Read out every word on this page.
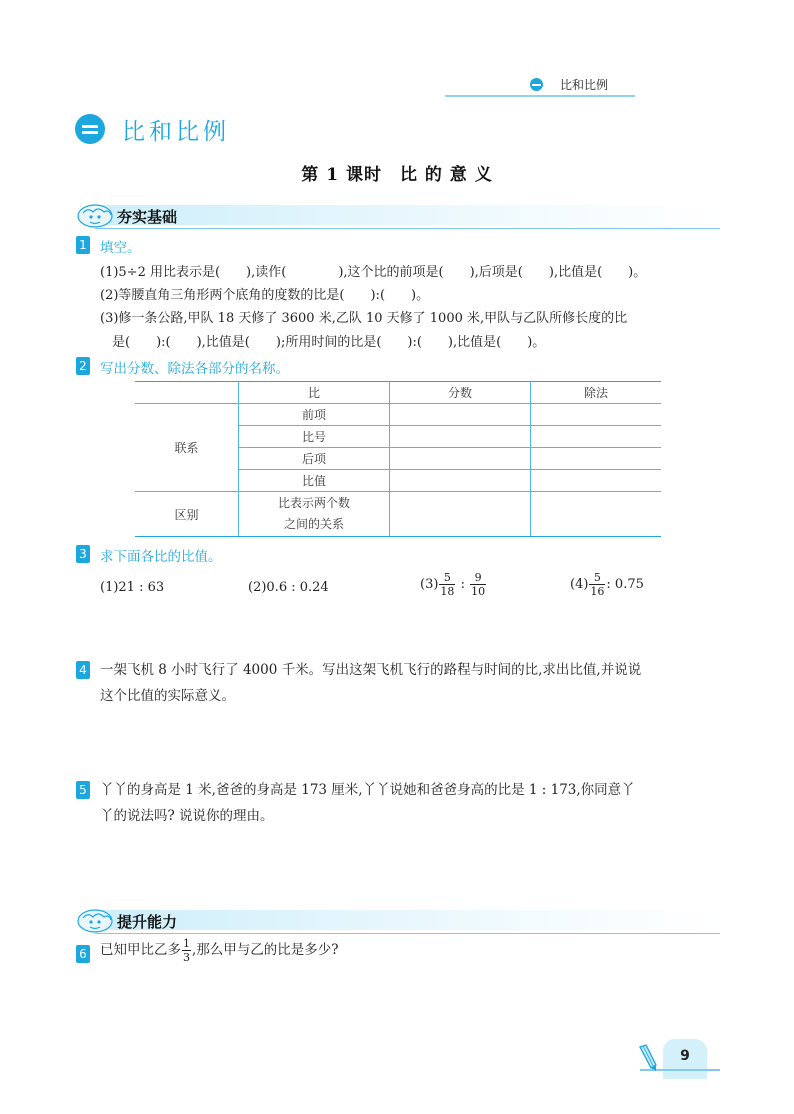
比和比例
比和比例
第 1 课时　比 的 意 义
夯实基础
1 填空。
(1)5÷2 用比表示是(　　),读作(　　　　),这个比的前项是(　　),后项是(　　),比值是(　　)。
(2)等腰直角三角形两个底角的度数的比是(　　):(　　)。
(3)修一条公路,甲队 18 天修了 3600 米,乙队 10 天修了 1000 米,甲队与乙队所修长度的比
是(　　):(　　),比值是(　　);所用时间的比是(　　):(　　),比值是(　　)。
2 写出分数、除法各部分的名称。
	比	分数	除法
联系	前项		
	比号		
	后项		
	比值		
区别	比表示两个数
之间的关系		
3 求下面各比的比值。
(1)21 : 63	(2)0.6 : 0.24	$(3) \frac{5}{18}$ : $\frac{9}{10}$	$(4) \frac{5}{16}$ : 0.75
4 一架飞机 8 小时飞行了 4000 千米。写出这架飞机飞行的路程与时间的比,求出比值,并说说
这个比值的实际意义。
5 丫丫的身高是 1 米,爸爸的身高是 173 厘米,丫丫说她和爸爸身高的比是 1 : 173,你同意丫
丫的说法吗? 说说你的理由。
提升能力
6 已知甲比乙多 $\frac{1}{3}$ ,那么甲与乙的比是多少?
9
